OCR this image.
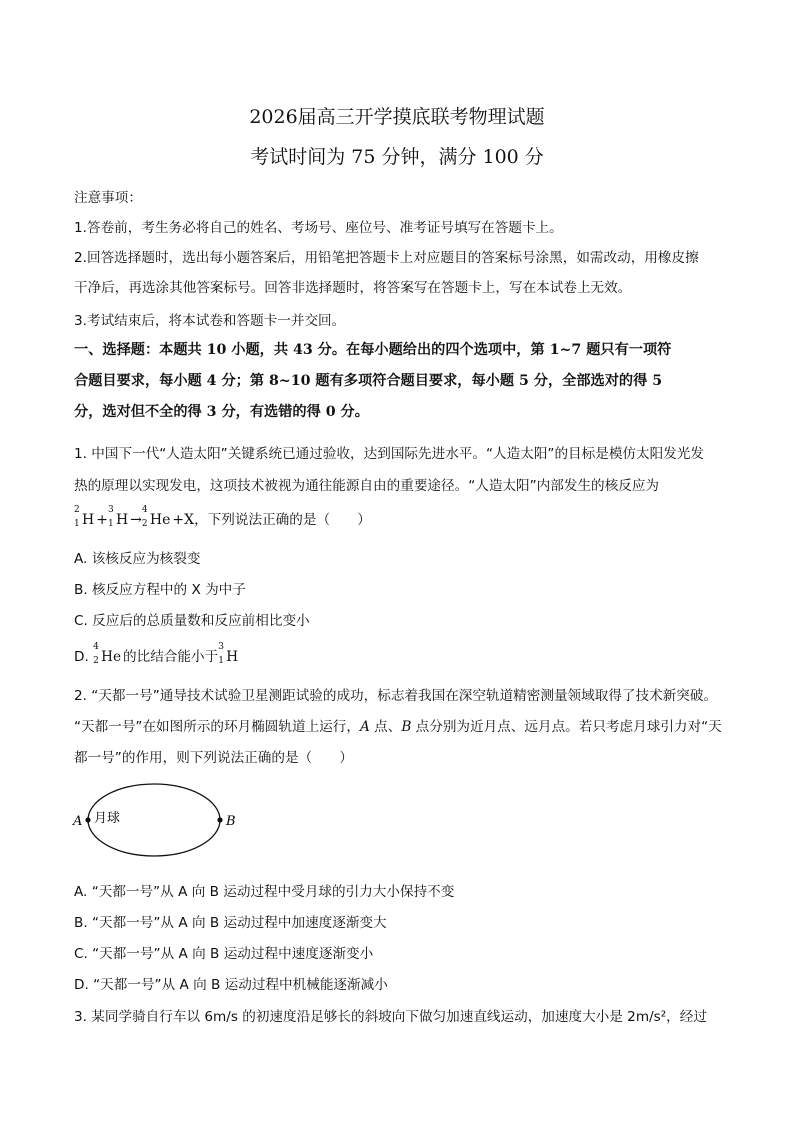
2026届高三开学摸底联考物理试题
考试时间为 75 分钟，满分 100 分
注意事项：
1.答卷前，考生务必将自己的姓名、考场号、座位号、准考证号填写在答题卡上。
2.回答选择题时，选出每小题答案后，用铅笔把答题卡上对应题目的答案标号涂黑，如需改动，用橡皮擦
干净后，再选涂其他答案标号。回答非选择题时，将答案写在答题卡上，写在本试卷上无效。
3.考试结束后，将本试卷和答题卡一并交回。
一、选择题：本题共 10 小题，共 43 分。在每小题给出的四个选项中，第 1~7 题只有一项符
合题目要求，每小题 4 分；第 8~10 题有多项符合题目要求，每小题 5 分，全部选对的得 5
分，选对但不全的得 3 分，有选错的得 0 分。
1. 中国下一代“人造太阳”关键系统已通过验收，达到国际先进水平。“人造太阳”的目标是模仿太阳发光发
热的原理以实现发电，这项技术被视为通往能源自由的重要途径。“人造太阳”内部发生的核反应为
2
1 H +
3
1 H →
4
2 He +X，下列说法正确的是（　　）
A. 该核反应为核裂变
B. 核反应方程中的 X 为中子
C. 反应后的总质量数和反应前相比变小
D.
4
2 He 的比结合能小于
3
1 H
2. “天都一号”通导技术试验卫星测距试验的成功，标志着我国在深空轨道精密测量领域取得了技术新突破。
“天都一号”在如图所示的环月椭圆轨道上运行，A 点、B 点分别为近月点、远月点。若只考虑月球引力对“天
都一号”的作用，则下列说法正确的是（　　）
A	B
月球
A. “天都一号”从 A 向 B 运动过程中受月球的引力大小保持不变
B. “天都一号”从 A 向 B 运动过程中加速度逐渐变大
C. “天都一号”从 A 向 B 运动过程中速度逐渐变小
D. “天都一号”从 A 向 B 运动过程中机械能逐渐减小
3. 某同学骑自行车以 6m/s 的初速度沿足够长的斜坡向下做匀加速直线运动，加速度大小是 2m/s²，经过
